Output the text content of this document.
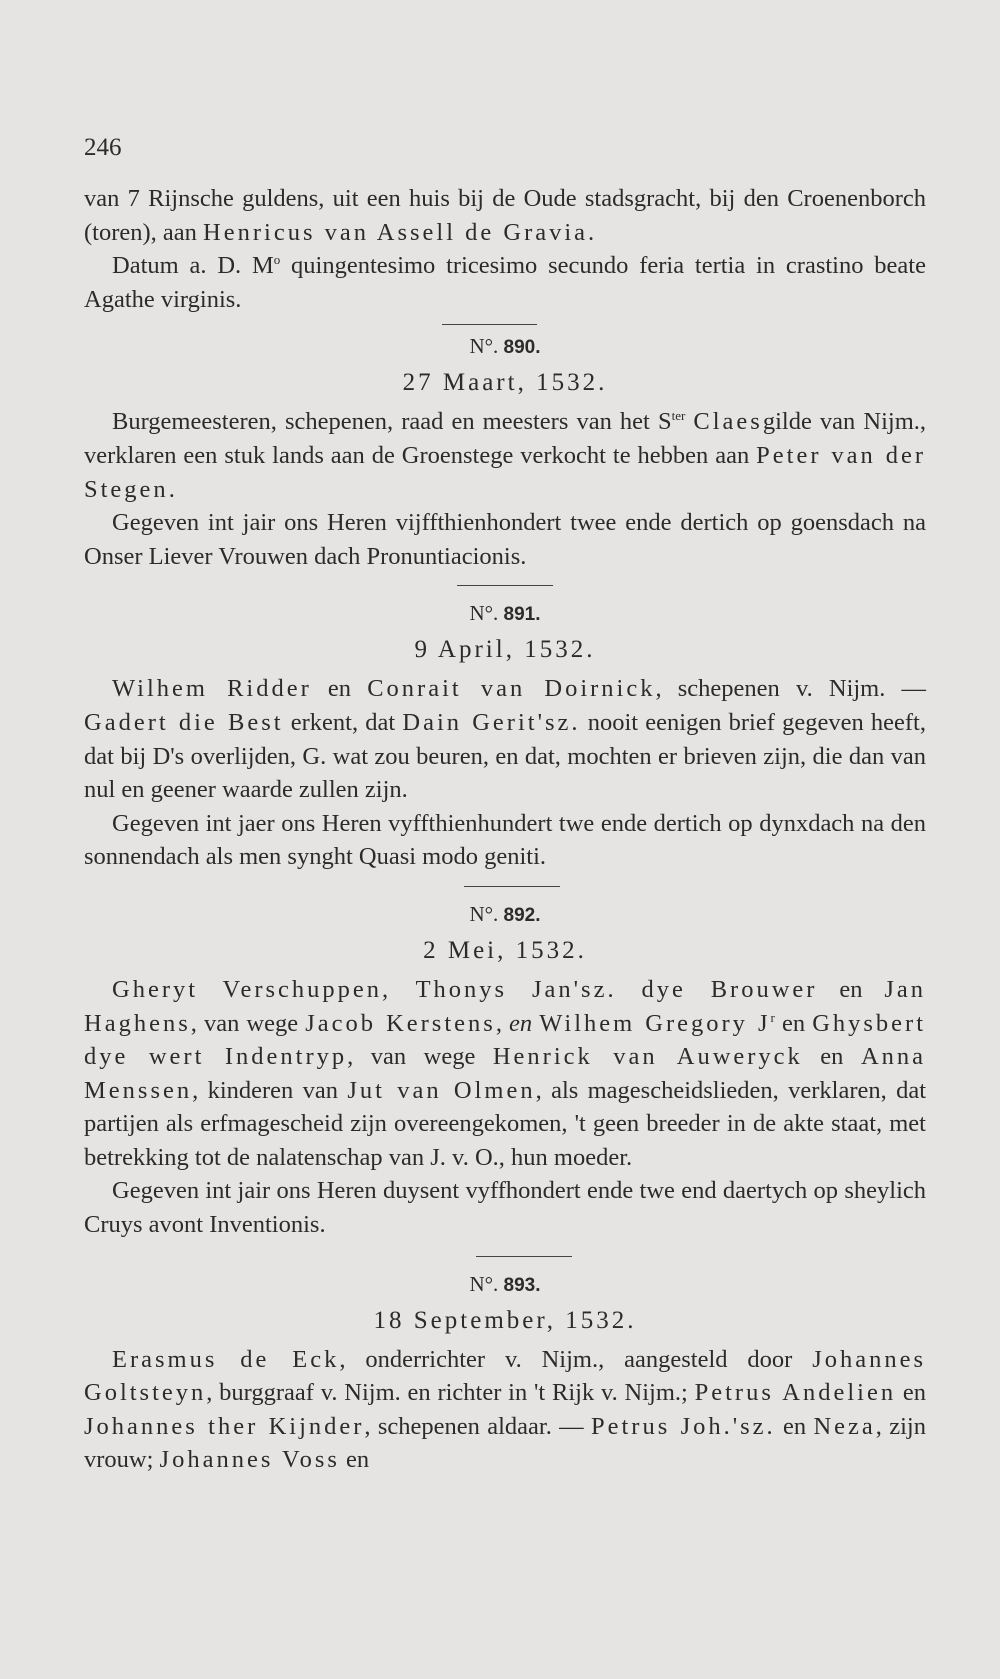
246

van 7 Rijnsche guldens, uit een huis bij de Oude stadsgracht, bij den Croenenborch (toren), aan Henricus van Assell de Gravia.

Datum a. D. $M^o$ quingentesimo tricesimo secundo feria tertia in crastino beate Agathe virginis.

N°. 890.
27 Maart, 1532.

Burgemeesteren, schepenen, raad en meesters van het $S^{ter}$ Claesgilde van Nijm., verklaren een stuk lands aan de Groenstege verkocht te hebben aan Peter van der Stegen.

Gegeven int jair ons Heren vijffthienhondert twee ende dertich op goensdach na Onser Liever Vrouwen dach Pronuntiacionis.

N°. 891.
9 April, 1532.

Wilhem Ridder en Conrait van Doirnick, schepenen v. Nijm. — Gadert die Best erkent, dat Dain Gerit'sz. nooit eenigen brief gegeven heeft, dat bij D's overlijden, G. wat zou beuren, en dat, mochten er brieven zijn, die dan van nul en geener waarde zullen zijn.

Gegeven int jaer ons Heren vyffthienhundert twe ende dertich op dynxdach na den sonnendach als men synght Quasi modo geniti.

N°. 892.
2 Mei, 1532.

Gheryt Verschuppen, Thonys Jan'sz. dye Brouwer en Jan Haghens, van wege Jacob Kerstens, en Wilhem Gregory $J^r$ en Ghysbert dye wert Indentryp, van wege Henrick van Auweryck en Anna Menssen, kinderen van Jut van Olmen, als magescheidslieden, verklaren, dat partijen als erfmagescheid zijn overeengekomen, 't geen breeder in de akte staat, met betrekking tot de nalatenschap van J. v. O., hun moeder.

Gegeven int jair ons Heren duysent vyffhondert ende twe end daertych op sheylich Cruys avont Inventionis.

N°. 893.
18 September, 1532.

Erasmus de Eck, onderrichter v. Nijm., aangesteld door Johannes Goltsteyn, burggraaf v. Nijm. en richter in 't Rijk v. Nijm.; Petrus Andelien en Johannes ther Kijnder, schepenen aldaar. — Petrus Joh.'sz. en Neza, zijn vrouw; Johannes Voss en
